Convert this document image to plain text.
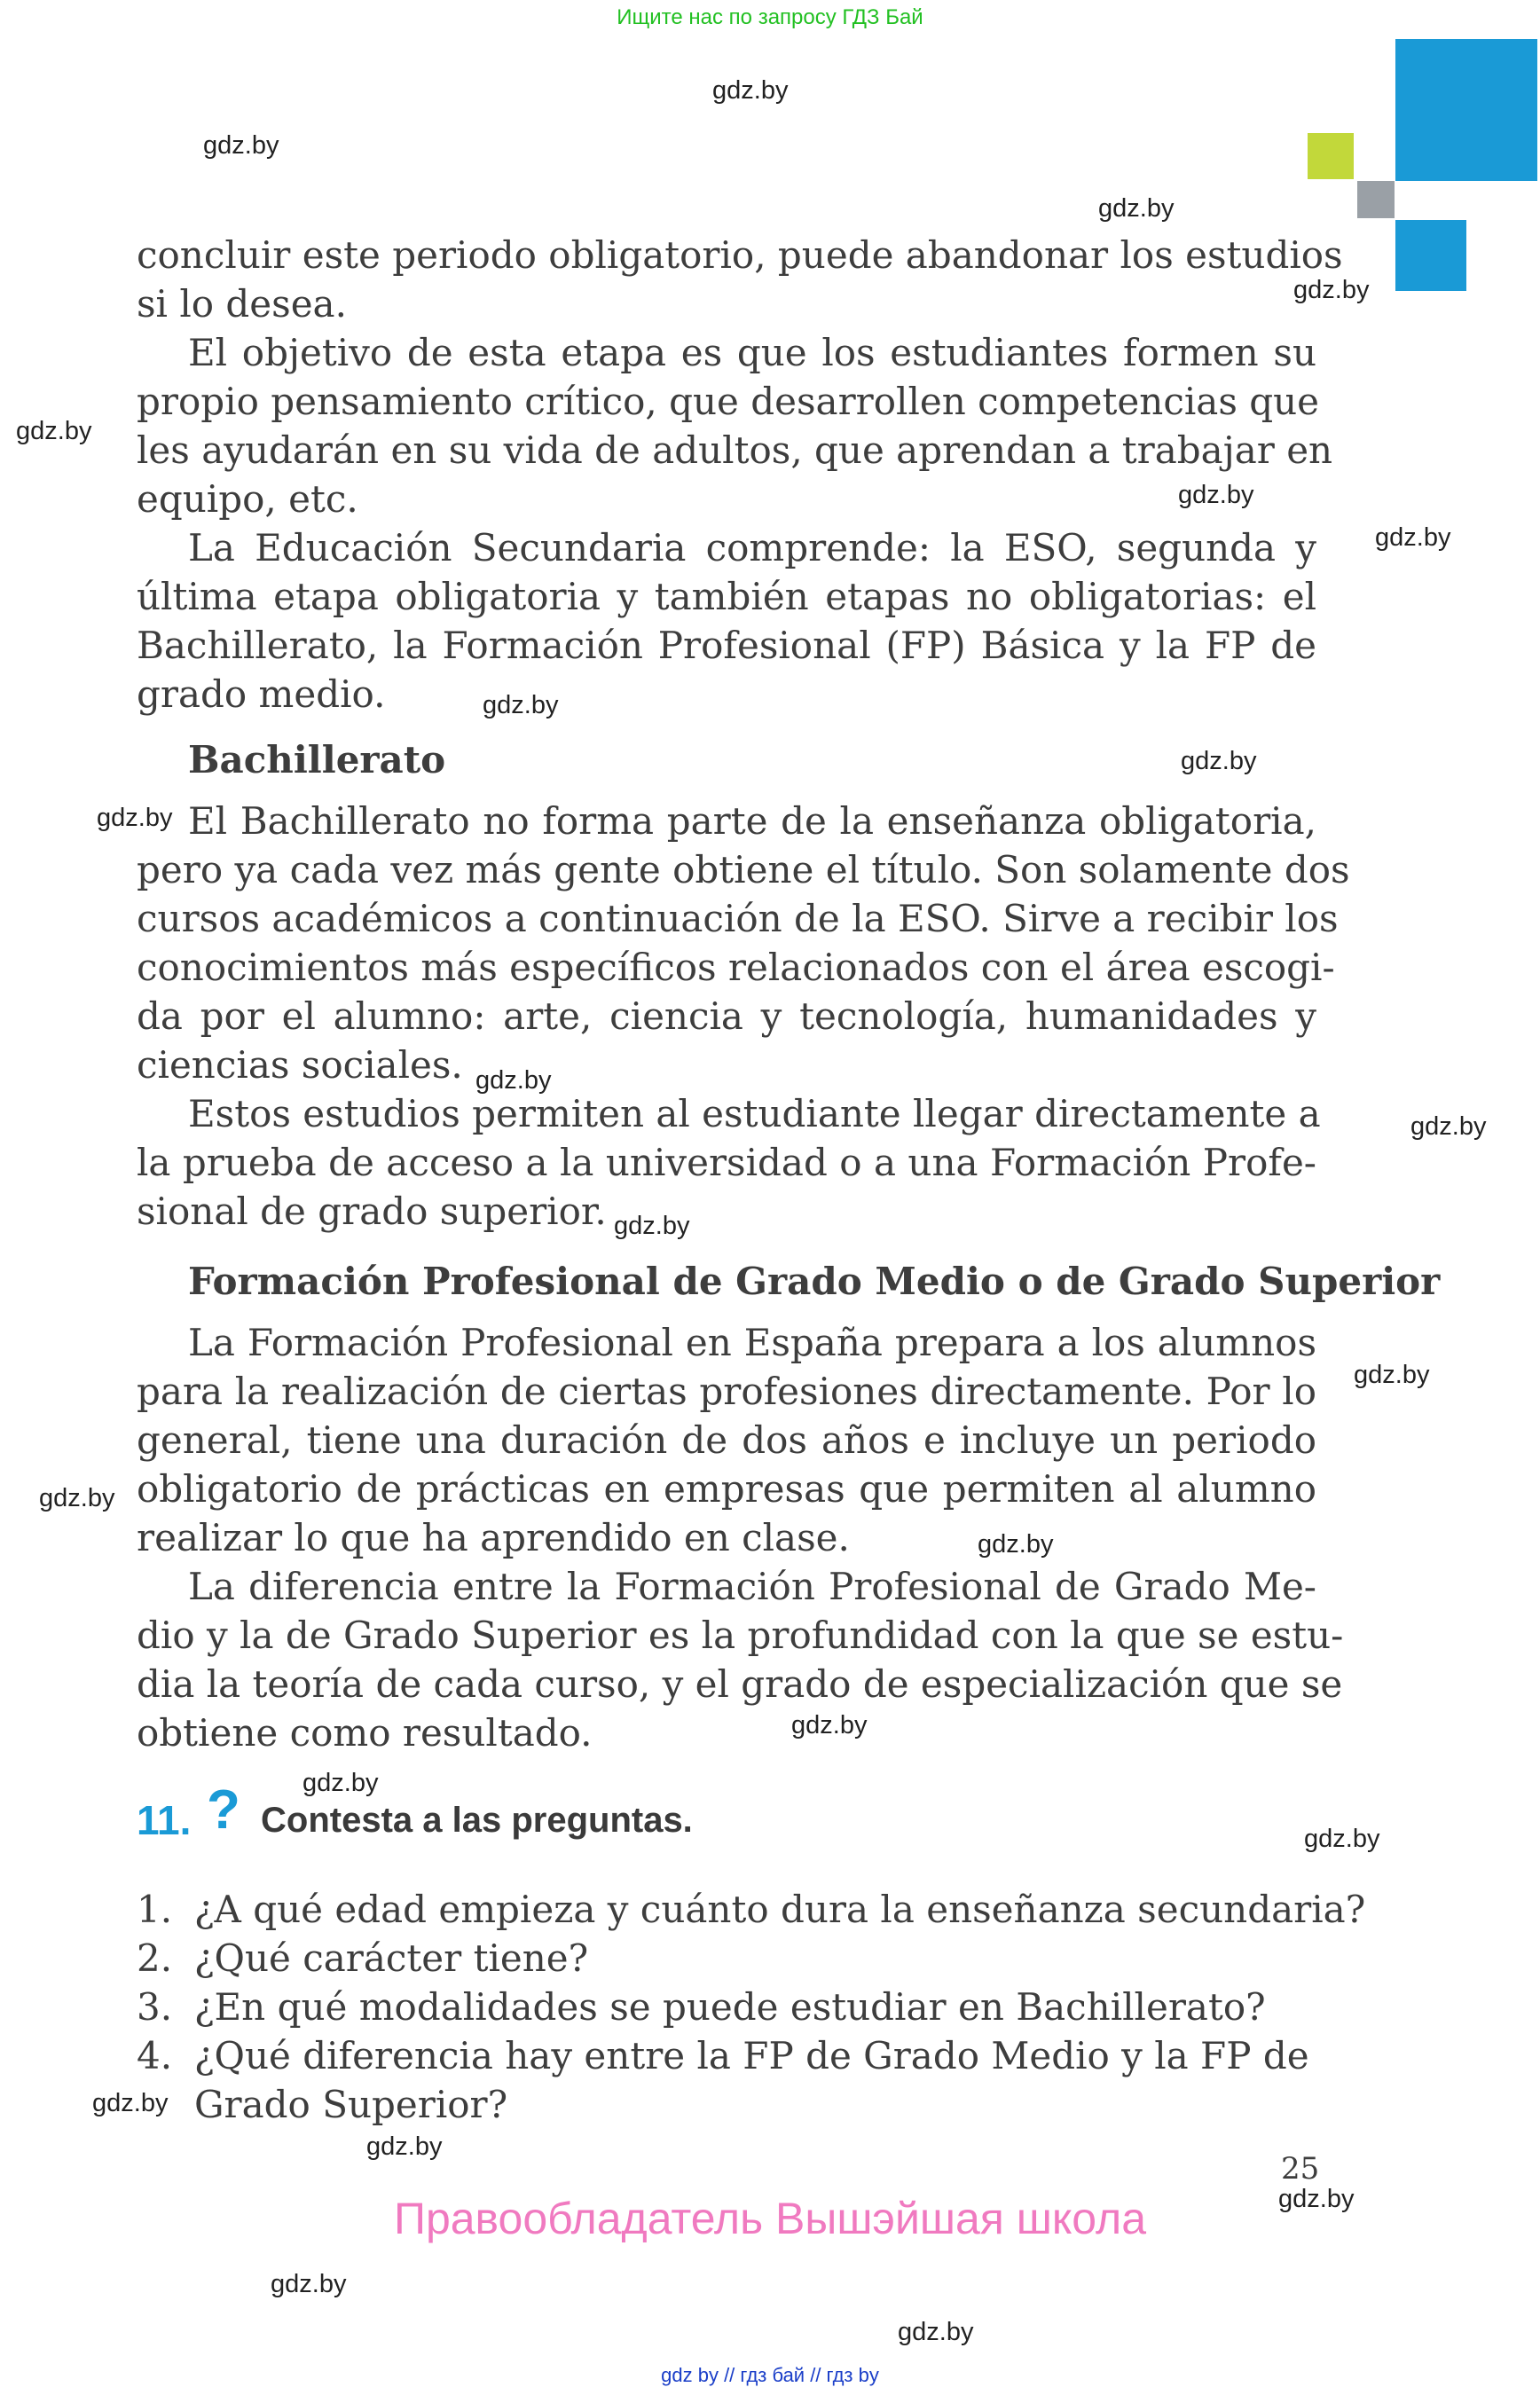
Ищите нас по запросу ГДЗ Бай
gdz.by
gdz.by
gdz.by
gdz.by
gdz.by
gdz.by
gdz.by
gdz.by
gdz.by
gdz.by
gdz.by
gdz.by
gdz.by
gdz.by
gdz.by
gdz.by
gdz.by
gdz.by
gdz.by
gdz.by
gdz.by
gdz.by
gdz.by
gdz.by
concluir este periodo obligatorio, puede abandonar los estudios
si lo desea.
El objetivo de esta etapa es que los estudiantes formen su
propio pensamiento crítico, que desarrollen competencias que
les ayudarán en su vida de adultos, que aprendan a trabajar en
equipo, etc.
La Educación Secundaria comprende: la ESO, segunda y
última etapa obligatoria y también etapas no obligatorias: el
Bachillerato, la Formación Profesional (FP) Básica y la FP de
grado medio.
Bachillerato
El Bachillerato no forma parte de la enseñanza obligatoria,
pero ya cada vez más gente obtiene el título. Son solamente dos
cursos académicos a continuación de la ESO. Sirve a recibir los
conocimientos más específicos relacionados con el área escogi-
da por el alumno: arte, ciencia y tecnología, humanidades y
ciencias sociales.
Estos estudios permiten al estudiante llegar directamente a
la prueba de acceso a la universidad o a una Formación Profe-
sional de grado superior.
Formación Profesional de Grado Medio o de Grado Superior
La Formación Profesional en España prepara a los alumnos
para la realización de ciertas profesiones directamente. Por lo
general, tiene una duración de dos años e incluye un periodo
obligatorio de prácticas en empresas que permiten al alumno
realizar lo que ha aprendido en clase.
La diferencia entre la Formación Profesional de Grado Me-
dio y la de Grado Superior es la profundidad con la que se estu-
dia la teoría de cada curso, y el grado de especialización que se
obtiene como resultado.
11. ? Contesta a las preguntas.
1. ¿A qué edad empieza y cuánto dura la enseñanza secundaria?
2. ¿Qué carácter tiene?
3. ¿En qué modalidades se puede estudiar en Bachillerato?
4. ¿Qué diferencia hay entre la FP de Grado Medio y la FP de
Grado Superior?
25
Правообладатель Вышэйшая школа
gdz by // гдз бай // гдз by
